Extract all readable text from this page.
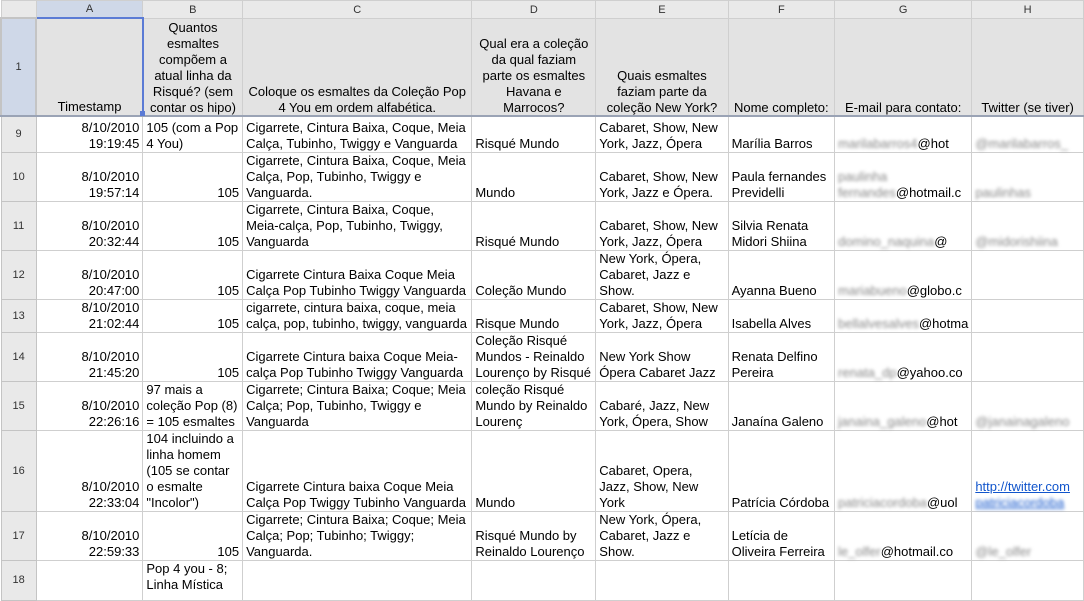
	A	B	C	D	E	F	G	H
1	Timestamp	Quantos esmaltes compõem a atual linha da Risqué? (sem contar os hipo)	Coloque os esmaltes da Coleção Pop 4 You em ordem alfabética.	Qual era a coleção da qual faziam parte os esmaltes Havana e Marrocos?	Quais esmaltes faziam parte da coleção New York?	Nome completo:	E-mail para contato:	Twitter (se tiver)
9	8/10/2010 19:19:45	105 (com a Pop 4 You)	Cigarrete, Cintura Baixa, Coque, Meia Calça, Tubinho, Twiggy e Vanguarda	Risqué Mundo	Cabaret, Show, New York, Jazz, Ópera	Marília Barros	marilabarros4@hot	@marilabarros_
10	8/10/2010 19:57:14	105	Cigarrete, Cintura Baixa, Coque, Meia Calça, Pop, Tubinho, Twiggy e Vanguarda.	Mundo	Cabaret, Show, New York, Jazz e Ópera.	Paula fernandes Previdelli	paulinha fernandes@hotmail.c	paulinhas
11	8/10/2010 20:32:44	105	Cigarrete, Cintura Baixa, Coque, Meia-calça, Pop, Tubinho, Twiggy, Vanguarda	Risqué Mundo	Cabaret, Show, New York, Jazz, Ópera	Silvia Renata Midori Shiina	domino_naquina@	@midorishiina
12	8/10/2010 20:47:00	105	Cigarrete Cintura Baixa Coque Meia Calça Pop Tubinho Twiggy Vanguarda	Coleção Mundo	New York, Ópera, Cabaret, Jazz e Show.	Ayanna Bueno	mariabueno@globo.c	
13	8/10/2010 21:02:44	105	cigarrete, cintura baixa, coque, meia calça, pop, tubinho, twiggy, vanguarda	Risque Mundo	Cabaret, Show, New York, Jazz, Ópera	Isabella Alves	bellalvesalves@hotma	
14	8/10/2010 21:45:20	105	Cigarrete Cintura baixa Coque Meia-calça Pop Tubinho Twiggy Vanguarda	Coleção Risqué Mundos - Reinaldo Lourenço by Risqué	New York Show Ópera Cabaret Jazz	Renata Delfino Pereira	renata_dp@yahoo.co	
15	8/10/2010 22:26:16	97 mais a coleção Pop (8) = 105 esmaltes	Cigarrete; Cintura Baixa; Coque; Meia Calça; Pop, Tubinho, Twiggy e Vanguarda	coleção Risqué Mundo by Reinaldo Lourenç	Cabaré, Jazz, New York, Ópera, Show	Janaína Galeno	janaina_galeno@hot	@janainagaleno
16	8/10/2010 22:33:04	104 incluindo a linha homem (105 se contar o esmalte "Incolor")	Cigarrete Cintura baixa Coque Meia Calça Pop Twiggy Tubinho Vanguarda	Mundo	Cabaret, Opera, Jazz, Show, New York	Patrícia Córdoba	patriciacordoba@uol	http://twitter.com
patriciacordoba
17	8/10/2010 22:59:33	105	Cigarrete; Cintura Baixa; Coque; Meia Calça; Pop; Tubinho; Twiggy; Vanguarda.	Risqué Mundo by Reinaldo Lourenço	New York, Ópera, Cabaret, Jazz e Show.	Letícia de Oliveira Ferreira	le_olfer@hotmail.co	@le_olfer
18		Pop 4 you - 8; Linha Mística						
